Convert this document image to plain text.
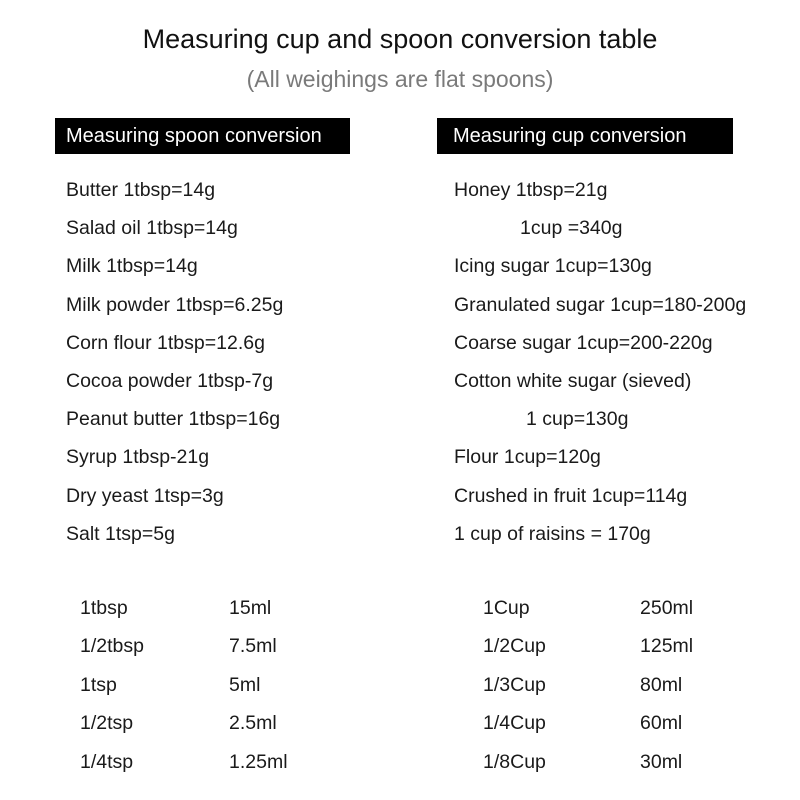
Measuring cup and spoon conversion table
(All weighings are flat spoons)
Measuring spoon conversion	Measuring cup conversion
Butter 1tbsp=14g
Salad oil 1tbsp=14g
Milk 1tbsp=14g
Milk powder 1tbsp=6.25g
Corn flour 1tbsp=12.6g
Cocoa powder 1tbsp-7g
Peanut butter 1tbsp=16g
Syrup 1tbsp-21g
Dry yeast 1tsp=3g
Salt 1tsp=5g
Honey 1tbsp=21g
1cup =340g
Icing sugar 1cup=130g
Granulated sugar 1cup=180-200g
Coarse sugar 1cup=200-220g
Cotton white sugar (sieved)
1 cup=130g
Flour 1cup=120g
Crushed in fruit 1cup=114g
1 cup of raisins = 170g
1tbsp	15ml
1/2tbsp	7.5ml
1tsp	5ml
1/2tsp	2.5ml
1/4tsp	1.25ml
1Cup	250ml
1/2Cup	125ml
1/3Cup	80ml
1/4Cup	60ml
1/8Cup	30ml
